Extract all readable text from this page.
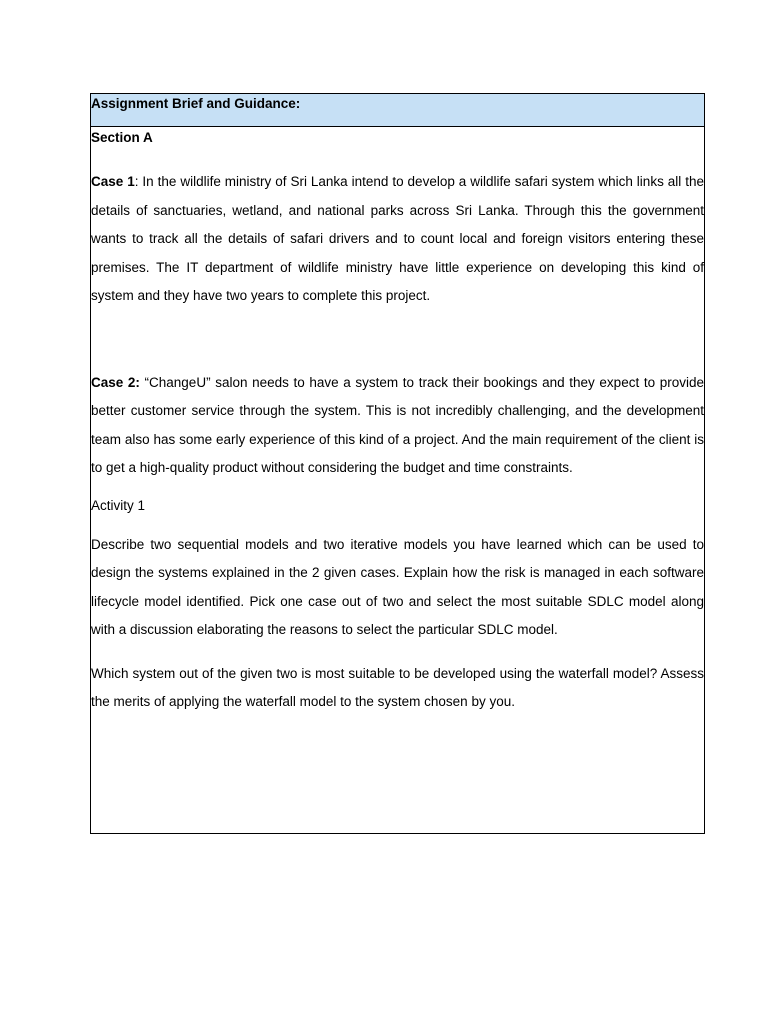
Assignment Brief and Guidance:
Section A

Case 1: In the wildlife ministry of Sri Lanka intend to develop a wildlife safari system which links all the details of sanctuaries, wetland, and national parks across Sri Lanka. Through this the government wants to track all the details of safari drivers and to count local and foreign visitors entering these premises. The IT department of wildlife ministry have little experience on developing this kind of system and they have two years to complete this project.

Case 2: “ChangeU” salon needs to have a system to track their bookings and they expect to provide better customer service through the system. This is not incredibly challenging, and the development team also has some early experience of this kind of a project. And the main requirement of the client is to get a high-quality product without considering the budget and time constraints.

Activity 1

Describe two sequential models and two iterative models you have learned which can be used to design the systems explained in the 2 given cases. Explain how the risk is managed in each software lifecycle model identified. Pick one case out of two and select the most suitable SDLC model along with a discussion elaborating the reasons to select the particular SDLC model.

Which system out of the given two is most suitable to be developed using the waterfall model? Assess the merits of applying the waterfall model to the system chosen by you.
